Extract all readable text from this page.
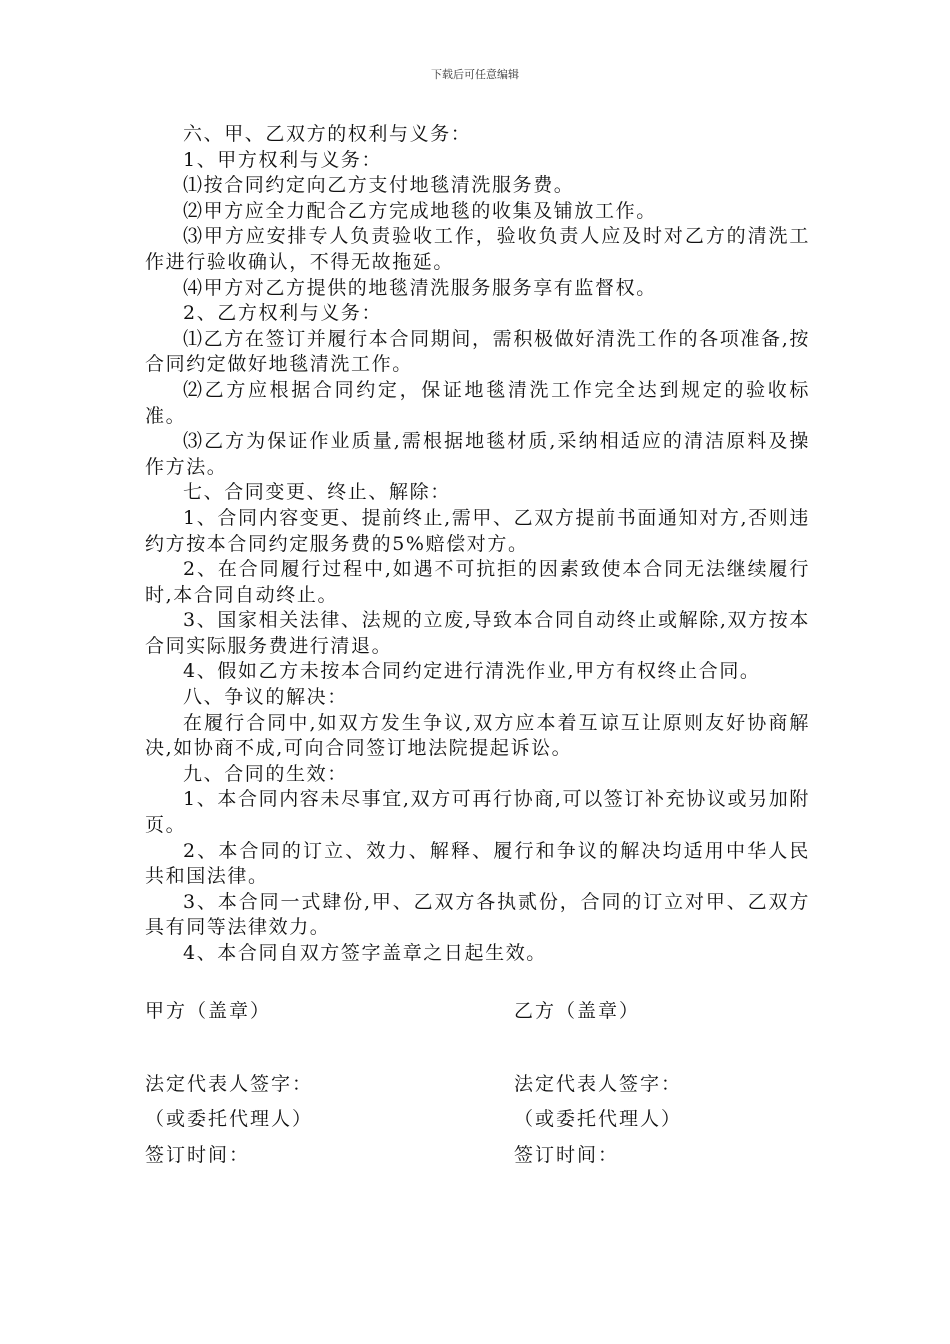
下载后可任意编辑

六、甲、乙双方的权利与义务：

1、甲方权利与义务：

⑴按合同约定向乙方支付地毯清洗服务费。

⑵甲方应全力配合乙方完成地毯的收集及铺放工作。

⑶甲方应安排专人负责验收工作，验收负责人应及时对乙方的清洗工作进行验收确认，不得无故拖延。

⑷甲方对乙方提供的地毯清洗服务服务享有监督权。

2、乙方权利与义务：

⑴乙方在签订并履行本合同期间，需积极做好清洗工作的各项准备,按合同约定做好地毯清洗工作。

⑵乙方应根据合同约定，保证地毯清洗工作完全达到规定的验收标准。

⑶乙方为保证作业质量,需根据地毯材质,采纳相适应的清洁原料及操作方法。

七、合同变更、终止、解除：

1、合同内容变更、提前终止,需甲、乙双方提前书面通知对方,否则违约方按本合同约定服务费的5%赔偿对方。

2、在合同履行过程中,如遇不可抗拒的因素致使本合同无法继续履行时,本合同自动终止。

3、国家相关法律、法规的立废,导致本合同自动终止或解除,双方按本合同实际服务费进行清退。

4、假如乙方未按本合同约定进行清洗作业,甲方有权终止合同。

八、争议的解决：

在履行合同中,如双方发生争议,双方应本着互谅互让原则友好协商解决,如协商不成,可向合同签订地法院提起诉讼。

九、合同的生效：

1、本合同内容未尽事宜,双方可再行协商,可以签订补充协议或另加附页。

2、本合同的订立、效力、解释、履行和争议的解决均适用中华人民共和国法律。

3、本合同一式肆份,甲、乙双方各执贰份，合同的订立对甲、乙双方具有同等法律效力。

4、本合同自双方签字盖章之日起生效。

甲方（盖章）	乙方（盖章）
法定代表人签字：	法定代表人签字：
（或委托代理人）	（或委托代理人）
签订时间：	签订时间：
